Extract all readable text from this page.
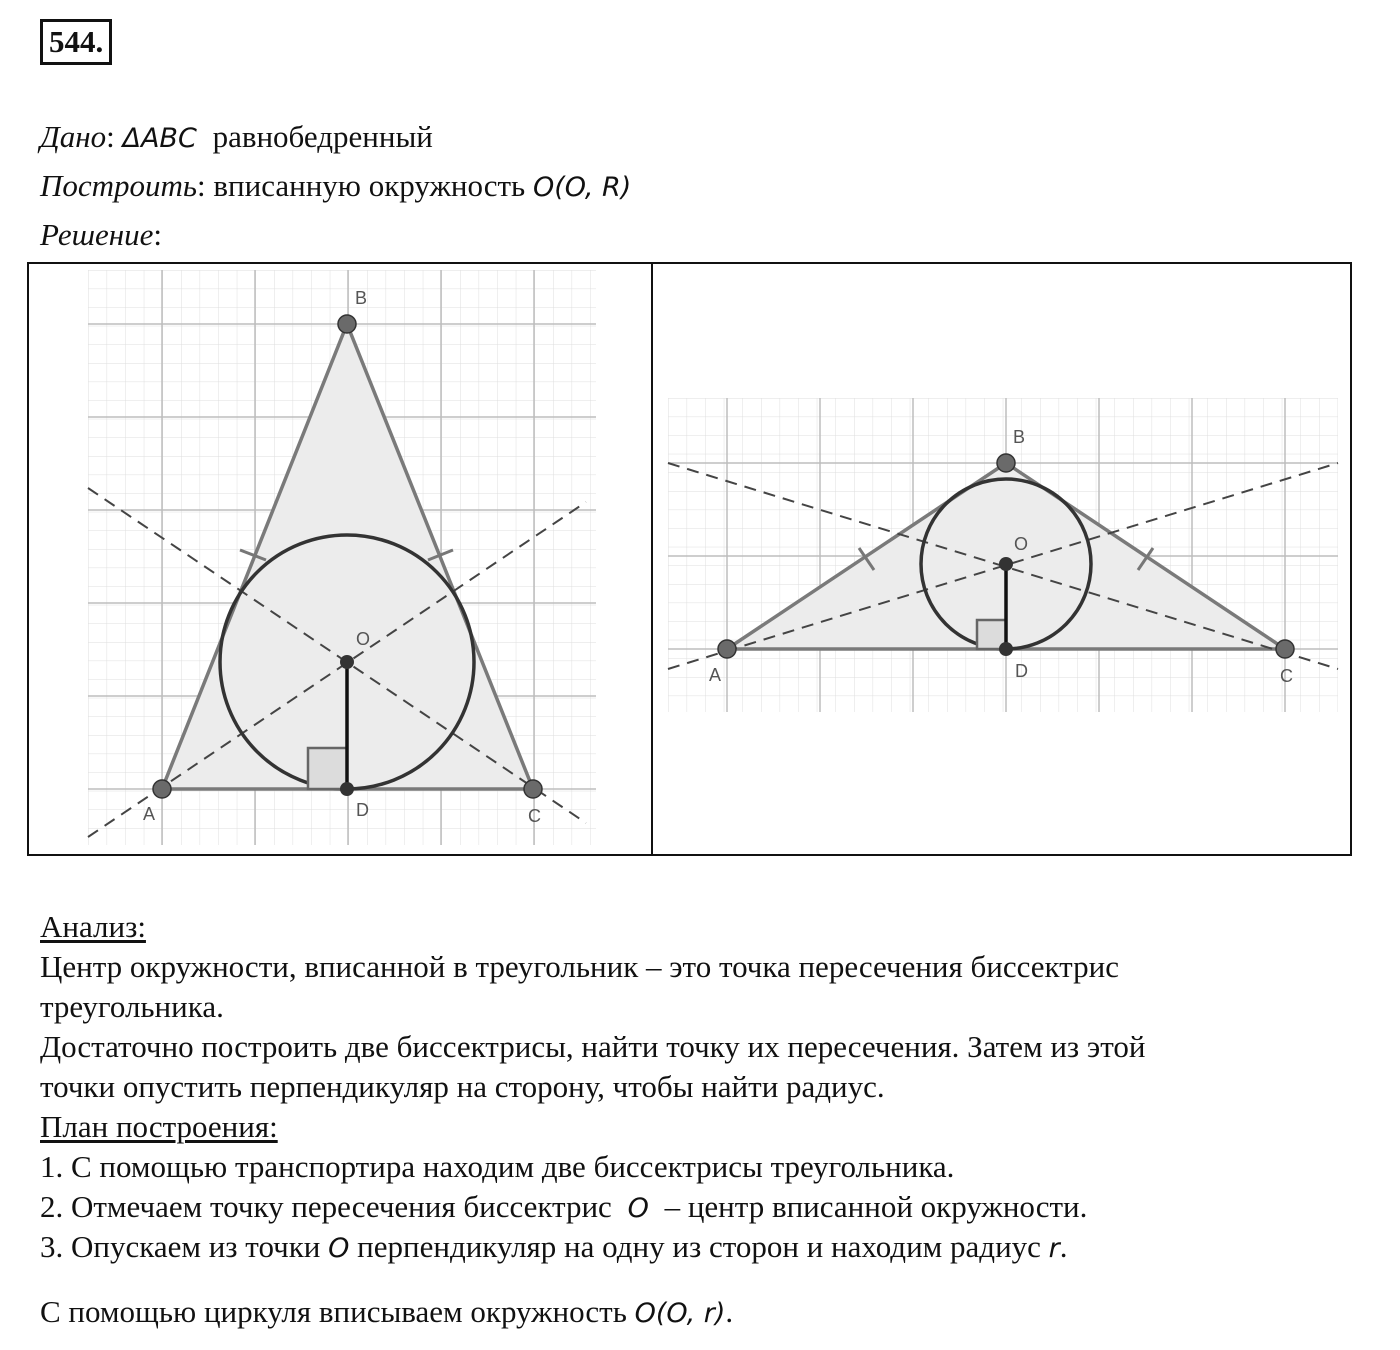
544.
Дано: ΔABC равнобедренный
Построить: вписанную окружность O(O, R)
Решение:
A
B
C
D
O
A
B
C
D
O
Анализ:
Центр окружности, вписанной в треугольник – это точка пересечения биссектрис
треугольника.
Достаточно построить две биссектрисы, найти точку их пересечения. Затем из этой
точки опустить перпендикуляр на сторону, чтобы найти радиус.
План построения:
1. С помощью транспортира находим две биссектрисы треугольника.
2. Отмечаем точку пересечения биссектрис O – центр вписанной окружности.
3. Опускаем из точки O перпендикуляр на одну из сторон и находим радиус r.
С помощью циркуля вписываем окружность O(O, r).
